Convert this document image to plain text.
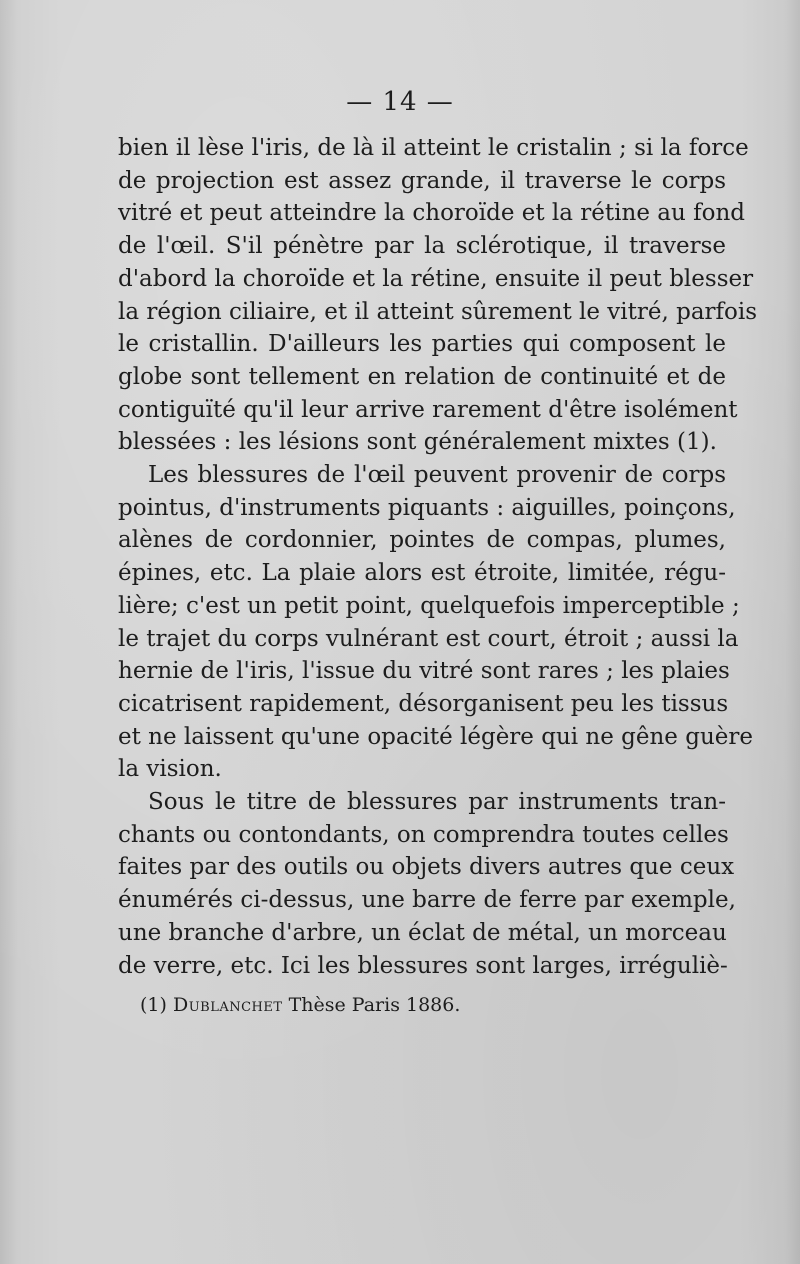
— 14 —
bien il lèse l'iris, de là il atteint le cristalin ; si la force
de projection est assez grande, il traverse le corps
vitré et peut atteindre la choroïde et la rétine au fond
de l'œil. S'il pénètre par la sclérotique, il traverse
d'abord la choroïde et la rétine, ensuite il peut blesser
la région ciliaire, et il atteint sûrement le vitré, parfois
le cristallin. D'ailleurs les parties qui composent le
globe sont tellement en relation de continuité et de
contiguïté qu'il leur arrive rarement d'être isolément
blessées : les lésions sont généralement mixtes (1).
Les blessures de l'œil peuvent provenir de corps
pointus, d'instruments piquants : aiguilles, poinçons,
alènes de cordonnier, pointes de compas, plumes,
épines, etc. La plaie alors est étroite, limitée, régu-
lière; c'est un petit point, quelquefois imperceptible ;
le trajet du corps vulnérant est court, étroit ; aussi la
hernie de l'iris, l'issue du vitré sont rares ; les plaies
cicatrisent rapidement, désorganisent peu les tissus
et ne laissent qu'une opacité légère qui ne gêne guère
la vision.
Sous le titre de blessures par instruments tran-
chants ou contondants, on comprendra toutes celles
faites par des outils ou objets divers autres que ceux
énumérés ci-dessus, une barre de ferre par exemple,
une branche d'arbre, un éclat de métal, un morceau
de verre, etc. Ici les blessures sont larges, irréguliè-
(1) Dublanchet Thèse Paris 1886.
